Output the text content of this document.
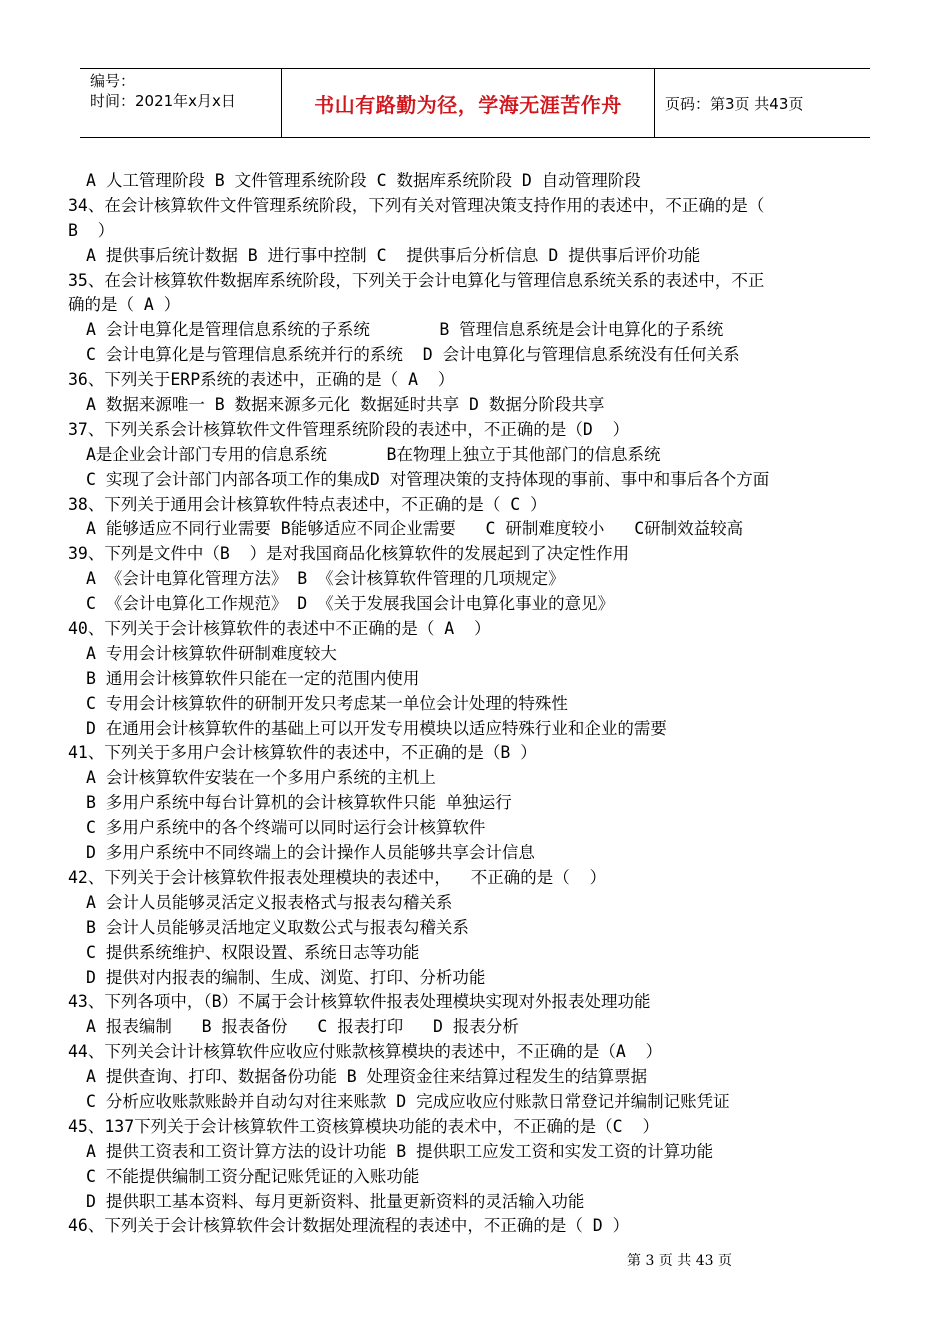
编号：
时间：2021年x月x日	书山有路勤为径，学海无涯苦作舟	页码：第3页 共43页
A 人工管理阶段 B 文件管理系统阶段 C 数据库系统阶段 D 自动管理阶段
34、在会计核算软件文件管理系统阶段，下列有关对管理决策支持作用的表述中，不正确的是（
B  ）
A 提供事后统计数据 B 进行事中控制 C  提供事后分析信息 D 提供事后评价功能
35、在会计核算软件数据库系统阶段，下列关于会计电算化与管理信息系统关系的表述中，不正
确的是（ A ）
A 会计电算化是管理信息系统的子系统       B 管理信息系统是会计电算化的子系统
C 会计电算化是与管理信息系统并行的系统  D 会计电算化与管理信息系统没有任何关系
36、下列关于ERP系统的表述中，正确的是（ A  ）
A 数据来源唯一 B 数据来源多元化 数据延时共享 D 数据分阶段共享
37、下列关系会计核算软件文件管理系统阶段的表述中，不正确的是（D  ）
A是企业会计部门专用的信息系统      B在物理上独立于其他部门的信息系统
C 实现了会计部门内部各项工作的集成D 对管理决策的支持体现的事前、事中和事后各个方面
38、下列关于通用会计核算软件特点表述中，不正确的是（ C ）
A 能够适应不同行业需要 B能够适应不同企业需要   C 研制难度较小   C研制效益较高
39、下列是文件中（B  ）是对我国商品化核算软件的发展起到了决定性作用
A 《会计电算化管理方法》 B 《会计核算软件管理的几项规定》
C 《会计电算化工作规范》 D 《关于发展我国会计电算化事业的意见》
40、下列关于会计核算软件的表述中不正确的是（ A  ）
A 专用会计核算软件研制难度较大
B 通用会计核算软件只能在一定的范围内使用
C 专用会计核算软件的研制开发只考虑某一单位会计处理的特殊性
D 在通用会计核算软件的基础上可以开发专用模块以适应特殊行业和企业的需要
41、下列关于多用户会计核算软件的表述中，不正确的是（B ）
A 会计核算软件安装在一个多用户系统的主机上
B 多用户系统中每台计算机的会计核算软件只能 单独运行
C 多用户系统中的各个终端可以同时运行会计核算软件
D 多用户系统中不同终端上的会计操作人员能够共享会计信息
42、下列关于会计核算软件报表处理模块的表述中，  不正确的是（  ）
A 会计人员能够灵活定义报表格式与报表勾稽关系
B 会计人员能够灵活地定义取数公式与报表勾稽关系
C 提供系统维护、权限设置、系统日志等功能
D 提供对内报表的编制、生成、浏览、打印、分析功能
43、下列各项中，（B）不属于会计核算软件报表处理模块实现对外报表处理功能
A 报表编制   B 报表备份   C 报表打印   D 报表分析
44、下列关会计计核算软件应收应付账款核算模块的表述中，不正确的是（A  ）
A 提供查询、打印、数据备份功能 B 处理资金往来结算过程发生的结算票据
C 分析应收账款账龄并自动勾对往来账款 D 完成应收应付账款日常登记并编制记账凭证
45、137下列关于会计核算软件工资核算模块功能的表术中，不正确的是（C  ）
A 提供工资表和工资计算方法的设计功能 B 提供职工应发工资和实发工资的计算功能
C 不能提供编制工资分配记账凭证的入账功能
D 提供职工基本资料、每月更新资料、批量更新资料的灵活输入功能
46、下列关于会计核算软件会计数据处理流程的表述中，不正确的是（ D ）
第 3 页 共 43 页
